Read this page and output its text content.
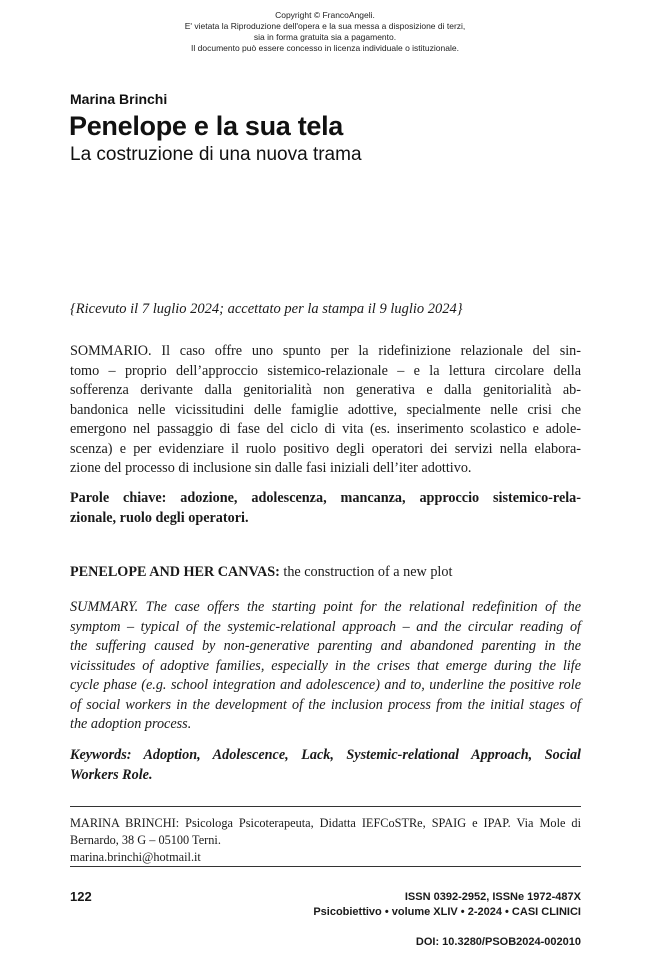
Copyright © FrancoAngeli.
E' vietata la Riproduzione dell'opera e la sua messa a disposizione di terzi,
sia in forma gratuita sia a pagamento.
Il documento può essere concesso in licenza individuale o istituzionale.
Marina Brinchi
Penelope e la sua tela
La costruzione di una nuova trama
{Ricevuto il 7 luglio 2024; accettato per la stampa il 9 luglio 2024}
SOMMARIO. Il caso offre uno spunto per la ridefinizione relazionale del sin-
tomo – proprio dell’approccio sistemico-relazionale – e la lettura circolare della
sofferenza derivante dalla genitorialità non generativa e dalla genitorialità ab-
bandonica nelle vicissitudini delle famiglie adottive, specialmente nelle crisi che
emergono nel passaggio di fase del ciclo di vita (es. inserimento scolastico e adole-
scenza) e per evidenziare il ruolo positivo degli operatori dei servizi nella elabora-
zione del processo di inclusione sin dalle fasi iniziali dell’iter adottivo.
Parole chiave: adozione, adolescenza, mancanza, approccio sistemico-rela-
zionale, ruolo degli operatori.
PENELOPE AND HER CANVAS: the construction of a new plot
SUMMARY. The case offers the starting point for the relational redefinition of the
symptom – typical of the systemic-relational approach – and the circular reading of
the suffering caused by non-generative parenting and abandoned parenting in the
vicissitudes of adoptive families, especially in the crises that emerge during the life
cycle phase (e.g. school integration and adolescence) and to, underline the positive role
of social workers in the development of the inclusion process from the initial stages of
the adoption process.
Keywords: Adoption, Adolescence, Lack, Systemic-relational Approach, Social
Workers Role.
MARINA BRINCHI: Psicologa Psicoterapeuta, Didatta IEFCoSTRe, SPAIG e IPAP. Via Mole di
Bernardo, 38 G – 05100 Terni.
marina.brinchi@hotmail.it
122	ISSN 0392-2952, ISSNe 1972-487X
Psicobiettivo • volume XLIV • 2-2024 • CASI CLINICI
DOI: 10.3280/PSOB2024-002010
